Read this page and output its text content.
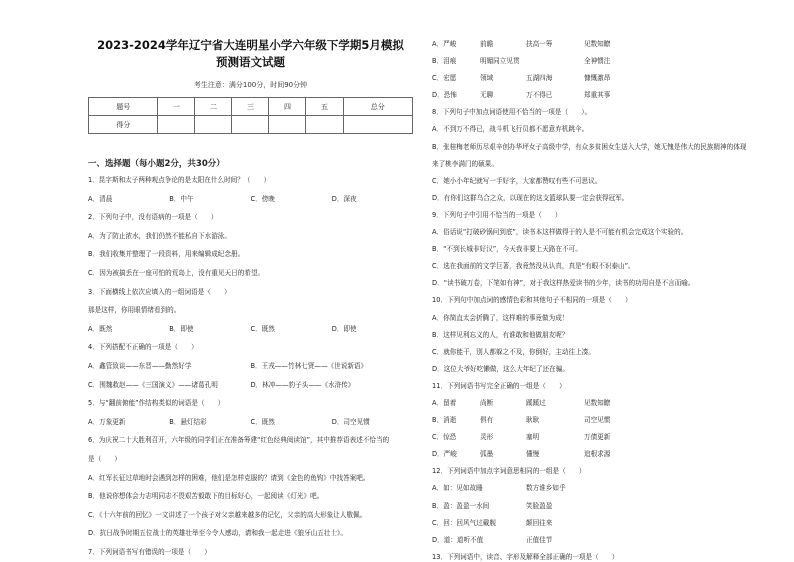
2023-2024学年辽宁省大连明星小学六年级下学期5月模拟
预测语文试题
考生注意：满分100分，时间90分钟
题号	一	二	三	四	五	总分
得分						
一、选择题（每小题2分，共30分）
1．昆字斯和太子两种观点争论的是太阳在什么时间？（　　）
A．清晨	B．中午	C．傍晚	D．深夜
2．下列句子中，没有语病的一项是（　　）
A．为了防止浓水，我们仍然不能私自下水游泳。
B．我们收集并整理了一段资料，用来编辑成纪念册。
C．因为被搞丢在一座可怕的荒岛上，没有重见天日的希望。
3．下面横线上依次应填入的一组词语是（　　）
那是这样，你用眼情绪看到的。
A．既然	B．即使	C．既然	D．即使
4．下列搭配不正确的一项是（　　）
A．鑫管致谈——东晋——勤然好学	B．王戎——竹林七贤——《世说新语》
C．围魏救赵——《三国演义》——诸葛孔明	D．林冲——豹子头——《水浒传》
5．与“翻前俯能”作结构类似的词语是（　　）
A．万象更新	B．悬灯结彩	C．既然	D．司空见惯
6．为庆祝二十大胜利召开，六年级的同学们正在准备筹建“红色经典阅读馆”，其中推荐语表述不恰当的
是（　　）
A．红军长征过草地时会遇到怎样的困难，他们是怎样克服的？请到《金色的鱼钩》中找答案吧。
B．他说你想体会力志明同志不畏艰苦毅敢下的目标好心，一起阅读《灯光》吧。
C．《十六年前的回忆》一文讲述了一个孩子对父亲越来越多的记忆，父亲的高大形象让人敬佩。
D．抗日战争时期五位战士的英雄壮举至今令人感动，请和我一起走进《狼牙山五壮士》。
7．下列词语书写有错误的一项是（　　）
A．严峻	前瞻	扶高一筹	见数知瞭
B．泪痕	明媚同立见贯	全神惯注
C．宏愿	领域	五湖四海	慷慨激昂
D．恐怖	无聊	万不得已	郑重其事
8．下列句子中加点词语使用不恰当的一项是（　　）。
A．不到万不得已，战斗机飞行员都不愿意弃机跳伞。
B．张桂梅老师历尽艰辛创办华坪女子高级中学，有众多贫困女生送入大学，她无愧是伟大的民族精神的体现
来了桃李满门的硕果。
C．她小小年纪就写一手好字，大家都赞叹有些不可思议。
D．有你们这群乌合之众，以现在的这支篮球队要一定会获得冠军。
9．下列句子中引用不恰当的一项是（　　）
A．俗话说“打破砂锅问到底”，读书本这样做得于的人是不可能有机会完成这个实验的。
B．“不到长城非好汉”，今天我非要上天路在不可。
C．选在我面前的文学巨著，我竟然没从认真，真是“有眼不识泰山”。
D．“读书破万卷，下笔如有神”，对于我这样热爱读书的少年，读书的功用自是不言而喻。
10．下列句中加点词的感情色彩和其他句子不相同的一项是（　　）
A．你简直太会折腾了，这样难的事竟做为成！
B．这样见利忘义的人，有谁敢和他做朋友呢？
C．就你能干，别人都躲之不及，你倒好，主动往上凑。
D．这位大爷好吃懒做，这么大年纪了还在骗。
11．下列词语书写完全正确的一组是（　　）
A．留着	尚断	蹊蹊过	见数知瞭
B．消逝	俱有	耿耿	司空见惯
C．惊恐	灵形	塞明	万债更新
D．严峻	弧墨	懂慢	追根求源
12．下列词语中加点字词意思相同的一组是（　　）
A．如：见如故睡	数方谁乡如乎
B．盈：盈盈一水间	笑脸盈盈
C．回：回风气过戴舰	颠回往来
D．道：道听不值	正值佳节
13．下列词语中，读音、字形及解释全部正确的一项是（　　）
